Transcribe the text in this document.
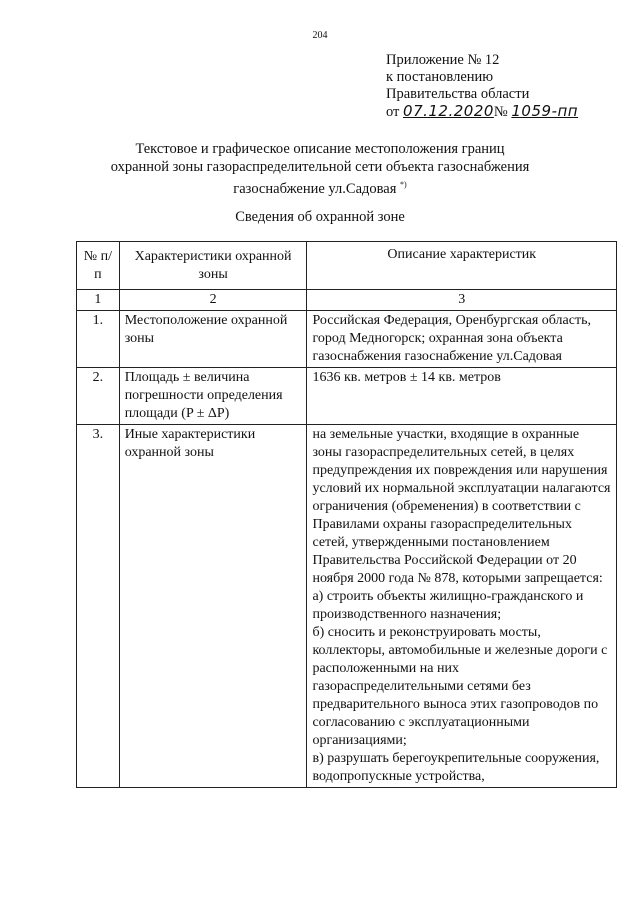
204
Приложение № 12
к постановлению
Правительства области
от 07.12.2020№ 1059-пп
Текстовое и графическое описание местоположения границ
охранной зоны газораспределительной сети объекта газоснабжения
газоснабжение ул.Садовая *)
Сведения об охранной зоне
№ п/п	Характеристики охранной зоны	Описание характеристик
1	2	3
1.	Местоположение охранной зоны	Российская Федерация, Оренбургская область, город Медногорск; охранная зона объекта газоснабжения газоснабжение ул.Садовая
2.	Площадь ± величина погрешности определения площади (P ± ΔP)	1636 кв. метров ± 14 кв. метров
3.	Иные характеристики охранной зоны	на земельные участки, входящие в охранные зоны газораспределительных сетей, в целях предупреждения их повреждения или нарушения условий их нормальной эксплуатации налагаются ограничения (обременения) в соответствии с Правилами охраны газораспределительных сетей, утвержденными постановлением Правительства Российской Федерации от 20 ноября 2000 года № 878, которыми запрещается:
а) строить объекты жилищно-гражданского и производственного назначения;
б) сносить и реконструировать мосты, коллекторы, автомобильные и железные дороги с расположенными на них газораспределительными сетями без предварительного выноса этих газопроводов по согласованию с эксплуатационными организациями;
в) разрушать берегоукрепительные сооружения, водопропускные устройства,
